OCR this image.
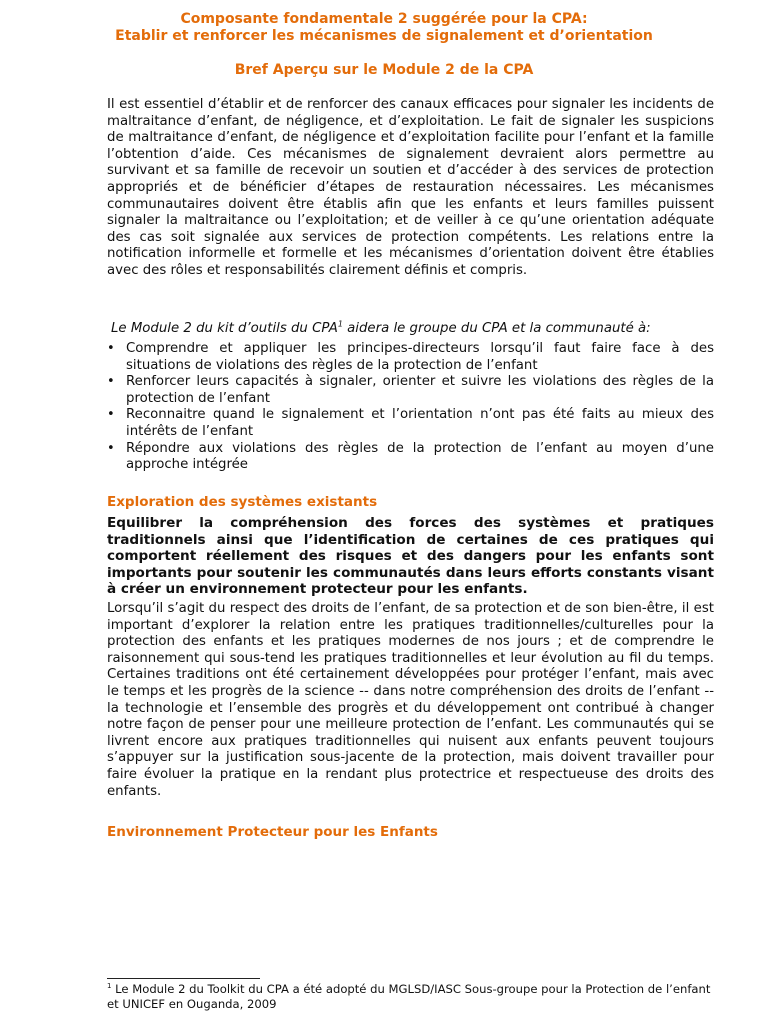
Composante fondamentale 2 suggérée pour la CPA:

Etablir et renforcer les mécanismes de signalement et d’orientation

Bref Aperçu sur le Module 2 de la CPA

Il est essentiel d’établir et de renforcer des canaux efficaces pour signaler les incidents de maltraitance d’enfant, de négligence, et d’exploitation. Le fait de signaler les suspicions de maltraitance d’enfant, de négligence et d’exploitation facilite pour l’enfant et la famille l’obtention d’aide. Ces mécanismes de signalement devraient alors permettre au survivant et sa famille de recevoir un soutien et d’accéder à des services de protection appropriés et de bénéficier d’étapes de restauration nécessaires. Les mécanismes communautaires doivent être établis afin que les enfants et leurs familles puissent signaler la maltraitance ou l’exploitation; et de veiller à ce qu’une orientation adéquate des cas soit signalée aux services de protection compétents. Les relations entre la notification informelle et formelle et les mécanismes d’orientation doivent être établies avec des rôles et responsabilités clairement définis et compris.

Le Module 2 du kit d’outils du CPA$^1$ aidera le groupe du CPA et la communauté à:

• Comprendre et appliquer les principes-directeurs lorsqu’il faut faire face à des situations de violations des règles de la protection de l’enfant
• Renforcer leurs capacités à signaler, orienter et suivre les violations des règles de la protection de l’enfant
• Reconnaitre quand le signalement et l’orientation n’ont pas été faits au mieux des intérêts de l’enfant
• Répondre aux violations des règles de la protection de l’enfant au moyen d’une approche intégrée

Exploration des systèmes existants

Equilibrer la compréhension des forces des systèmes et pratiques traditionnels ainsi que l’identification de certaines de ces pratiques qui comportent réellement des risques et des dangers pour les enfants sont importants pour soutenir les communautés dans leurs efforts constants visant à créer un environnement protecteur pour les enfants.

Lorsqu’il s’agit du respect des droits de l’enfant, de sa protection et de son bien-être, il est important d’explorer la relation entre les pratiques traditionnelles/culturelles pour la protection des enfants et les pratiques modernes de nos jours ; et de comprendre le raisonnement qui sous-tend les pratiques traditionnelles et leur évolution au fil du temps. Certaines traditions ont été certainement développées pour protéger l’enfant, mais avec le temps et les progrès de la science -- dans notre compréhension des droits de l’enfant -- la technologie et l’ensemble des progrès et du développement ont contribué à changer notre façon de penser pour une meilleure protection de l’enfant. Les communautés qui se livrent encore aux pratiques traditionnelles qui nuisent aux enfants peuvent toujours s’appuyer sur la justification sous-jacente de la protection, mais doivent travailler pour faire évoluer la pratique en la rendant plus protectrice et respectueuse des droits des enfants.

Environnement Protecteur pour les Enfants

$^1$ Le Module 2 du Toolkit du CPA a été adopté du MGLSD/IASC Sous-groupe pour la Protection de l’enfant et UNICEF en Ouganda, 2009
